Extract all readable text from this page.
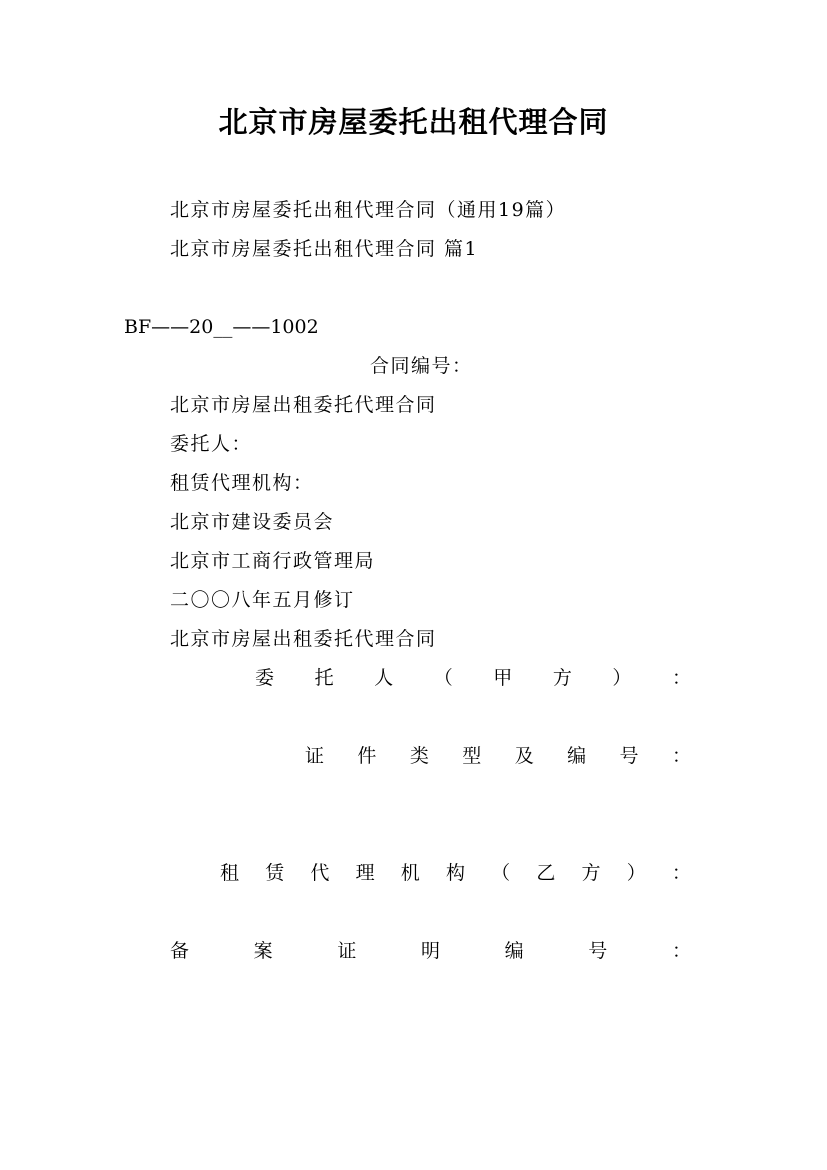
北京市房屋委托出租代理合同
北京市房屋委托出租代理合同（通用19篇）
北京市房屋委托出租代理合同 篇1
BF——20__——1002
合同编号：
北京市房屋出租委托代理合同
委托人：
租赁代理机构：
北京市建设委员会
北京市工商行政管理局
二〇〇八年五月修订
北京市房屋出租委托代理合同
委 托 人 （ 甲 方 ） ：
证 件 类 型 及 编 号 ：
租 赁 代 理 机 构 （ 乙 方 ） ：
备	案	证	明	编	号	：
